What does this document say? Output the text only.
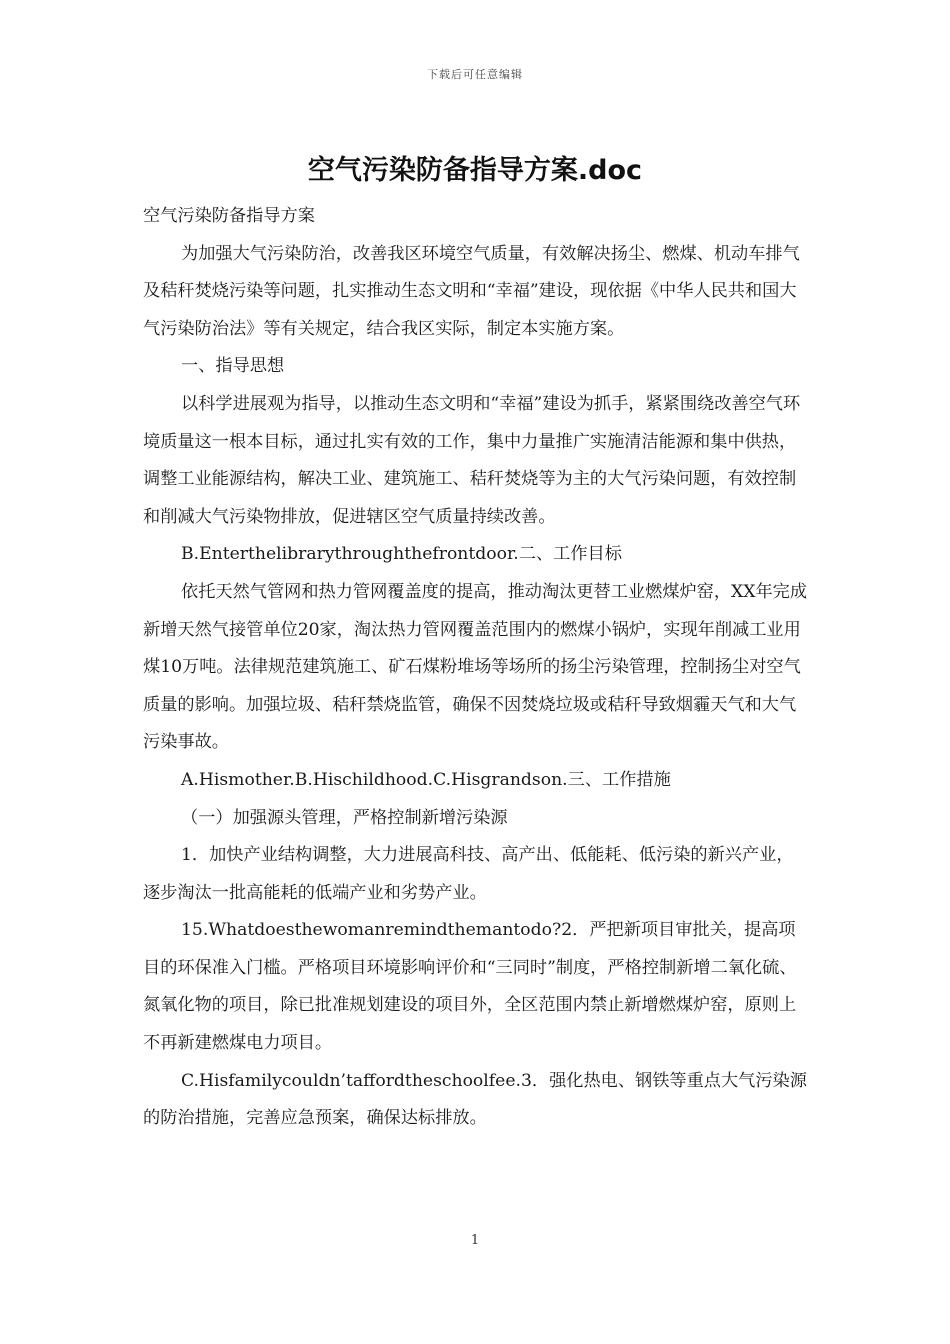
下载后可任意编辑
空气污染防备指导方案.doc

空气污染防备指导方案

为加强大气污染防治，改善我区环境空气质量，有效解决扬尘、燃煤、机动车排气及秸秆焚烧污染等问题，扎实推动生态文明和“幸福”建设，现依据《中华人民共和国大气污染防治法》等有关规定，结合我区实际，制定本实施方案。

一、指导思想

以科学进展观为指导，以推动生态文明和“幸福”建设为抓手，紧紧围绕改善空气环境质量这一根本目标，通过扎实有效的工作，集中力量推广实施清洁能源和集中供热，调整工业能源结构，解决工业、建筑施工、秸秆焚烧等为主的大气污染问题，有效控制和削减大气污染物排放，促进辖区空气质量持续改善。

B.Enterthelibrarythroughthefrontdoor.二、工作目标

依托天然气管网和热力管网覆盖度的提高，推动淘汰更替工业燃煤炉窑，XX年完成新增天然气接管单位20家，淘汰热力管网覆盖范围内的燃煤小锅炉，实现年削减工业用煤10万吨。法律规范建筑施工、矿石煤粉堆场等场所的扬尘污染管理，控制扬尘对空气质量的影响。加强垃圾、秸秆禁烧监管，确保不因焚烧垃圾或秸秆导致烟霾天气和大气污染事故。

A.Hismother.B.Hischildhood.C.Hisgrandson.三、工作措施

（一）加强源头管理，严格控制新增污染源

1．加快产业结构调整，大力进展高科技、高产出、低能耗、低污染的新兴产业，逐步淘汰一批高能耗的低端产业和劣势产业。

15.Whatdoesthewomanremindthemantodo?2．严把新项目审批关，提高项目的环保准入门槛。严格项目环境影响评价和“三同时”制度，严格控制新增二氧化硫、氮氧化物的项目，除已批准规划建设的项目外，全区范围内禁止新增燃煤炉窑，原则上不再新建燃煤电力项目。

C.Hisfamilycouldn’taffordtheschoolfee.3．强化热电、钢铁等重点大气污染源的防治措施，完善应急预案，确保达标排放。

1
